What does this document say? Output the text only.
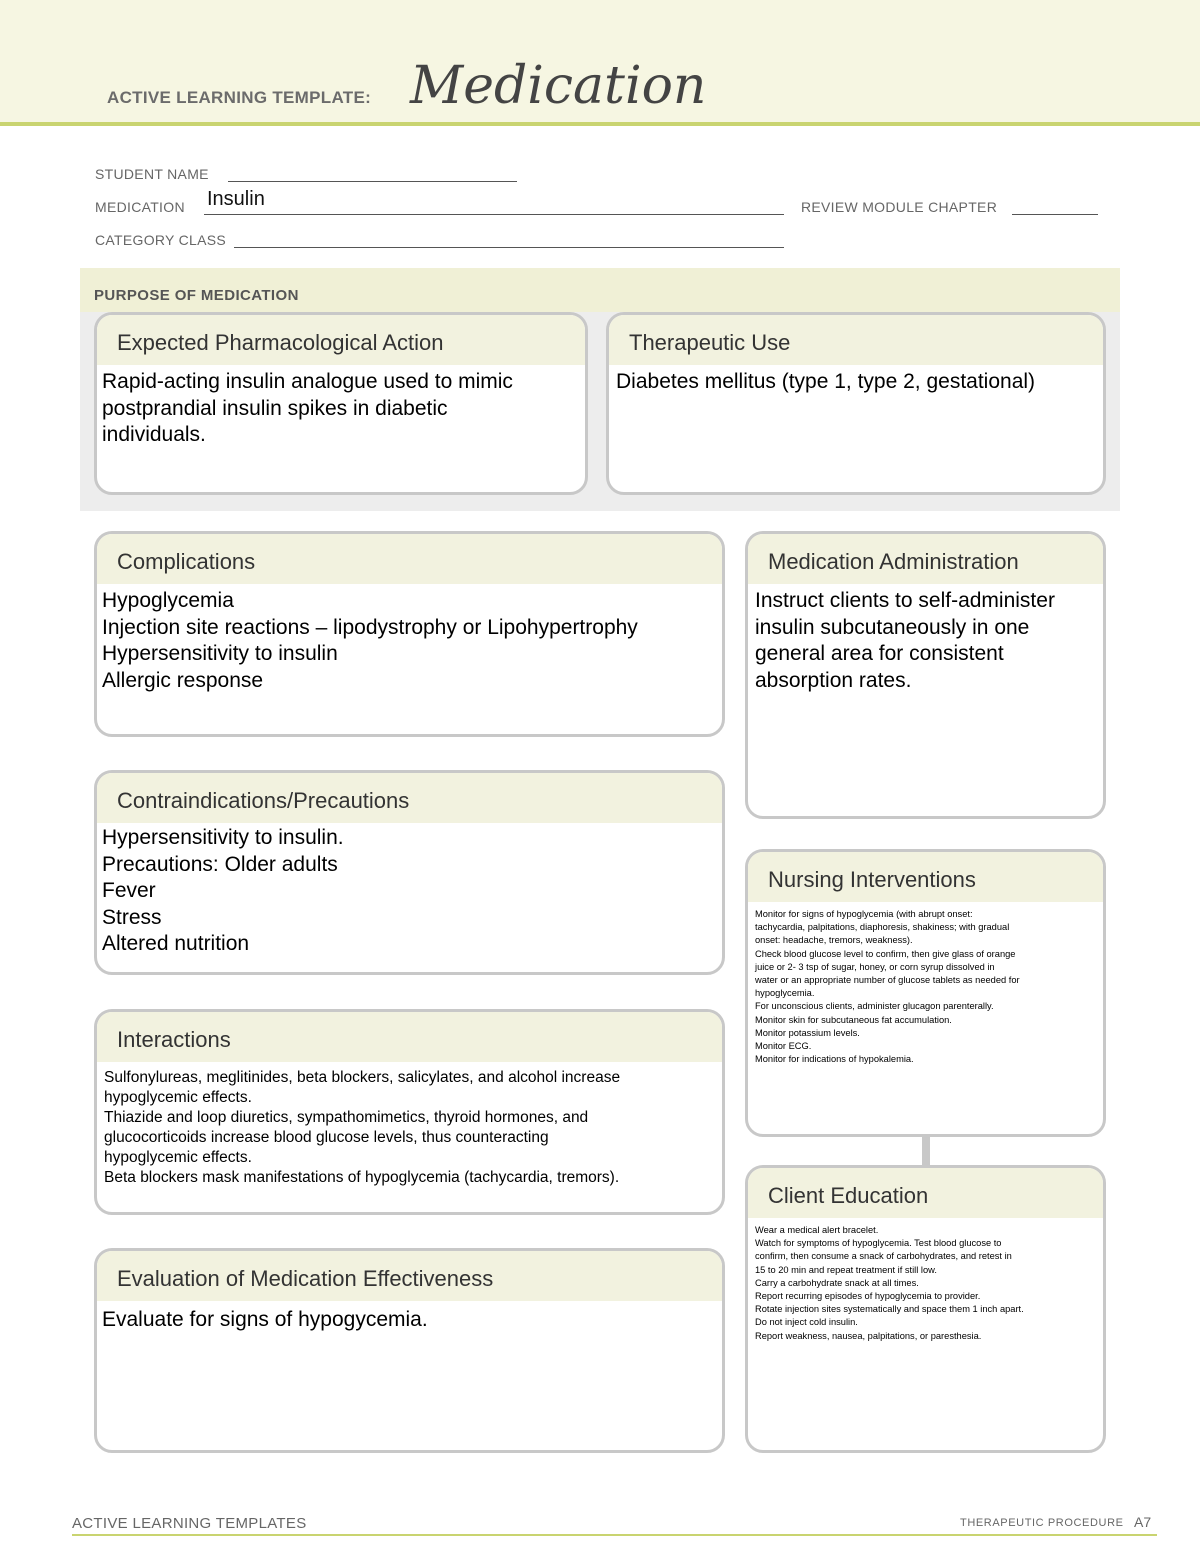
ACTIVE LEARNING TEMPLATE: Medication
STUDENT NAME
MEDICATION Insulin	REVIEW MODULE CHAPTER
CATEGORY CLASS
PURPOSE OF MEDICATION
Expected Pharmacological Action
Rapid-acting insulin analogue used to mimic
postprandial insulin spikes in diabetic
individuals.
Therapeutic Use
Diabetes mellitus (type 1, type 2, gestational)
Complications
Hypoglycemia
Injection site reactions – lipodystrophy or Lipohypertrophy
Hypersensitivity to insulin
Allergic response
Medication Administration
Instruct clients to self-administer
insulin subcutaneously in one
general area for consistent
absorption rates.
Contraindications/Precautions
Hypersensitivity to insulin.
Precautions: Older adults
Fever
Stress
Altered nutrition
Nursing Interventions
Monitor for signs of hypoglycemia (with abrupt onset:
tachycardia, palpitations, diaphoresis, shakiness; with gradual
onset: headache, tremors, weakness).
Check blood glucose level to confirm, then give glass of orange
juice or 2- 3 tsp of sugar, honey, or corn syrup dissolved in
water or an appropriate number of glucose tablets as needed for
hypoglycemia.
For unconscious clients, administer glucagon parenterally.
Monitor skin for subcutaneous fat accumulation.
Monitor potassium levels.
Monitor ECG.
Monitor for indications of hypokalemia.
Interactions
Sulfonylureas, meglitinides, beta blockers, salicylates, and alcohol increase
hypoglycemic effects.
Thiazide and loop diuretics, sympathomimetics, thyroid hormones, and
glucocorticoids increase blood glucose levels, thus counteracting
hypoglycemic effects.
Beta blockers mask manifestations of hypoglycemia (tachycardia, tremors).
Client Education
Wear a medical alert bracelet.
Watch for symptoms of hypoglycemia. Test blood glucose to
confirm, then consume a snack of carbohydrates, and retest in
15 to 20 min and repeat treatment if still low.
Carry a carbohydrate snack at all times.
Report recurring episodes of hypoglycemia to provider.
Rotate injection sites systematically and space them 1 inch apart.
Do not inject cold insulin.
Report weakness, nausea, palpitations, or paresthesia.
Evaluation of Medication Effectiveness
Evaluate for signs of hypogycemia.
ACTIVE LEARNING TEMPLATES	THERAPEUTIC PROCEDURE A7
